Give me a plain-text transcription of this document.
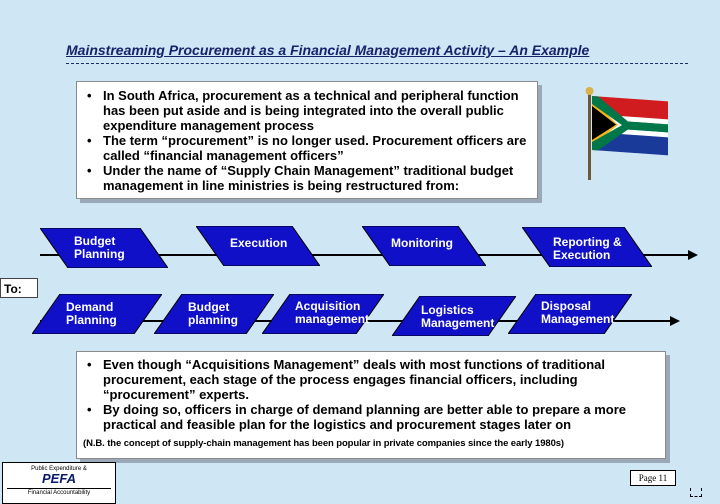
Mainstreaming Procurement as a Financial Management Activity – An Example
• In South Africa, procurement as a technical and peripheral function has been put aside and is being integrated into the overall public expenditure management process
• The term “procurement” is no longer used. Procurement officers are called “financial management officers”
• Under the name of “Supply Chain Management” traditional budget management in line ministries is being restructured from:
Budget
Planning
Execution	Monitoring	Reporting &
Execution
To:
Demand
Planning
Budget
planning
Acquisition
management
Logistics
Management
Disposal
Management
• Even though “Acquisitions Management” deals with most functions of traditional procurement, each stage of the process engages financial officers, including “procurement” experts.
• By doing so, officers in charge of demand planning are better able to prepare a more practical and feasible plan for the logistics and procurement stages later on
(N.B. the concept of supply-chain management has been popular in private companies since the early 1980s)
Public Expenditure &
PEFA
Financial Accountability
Page 11
